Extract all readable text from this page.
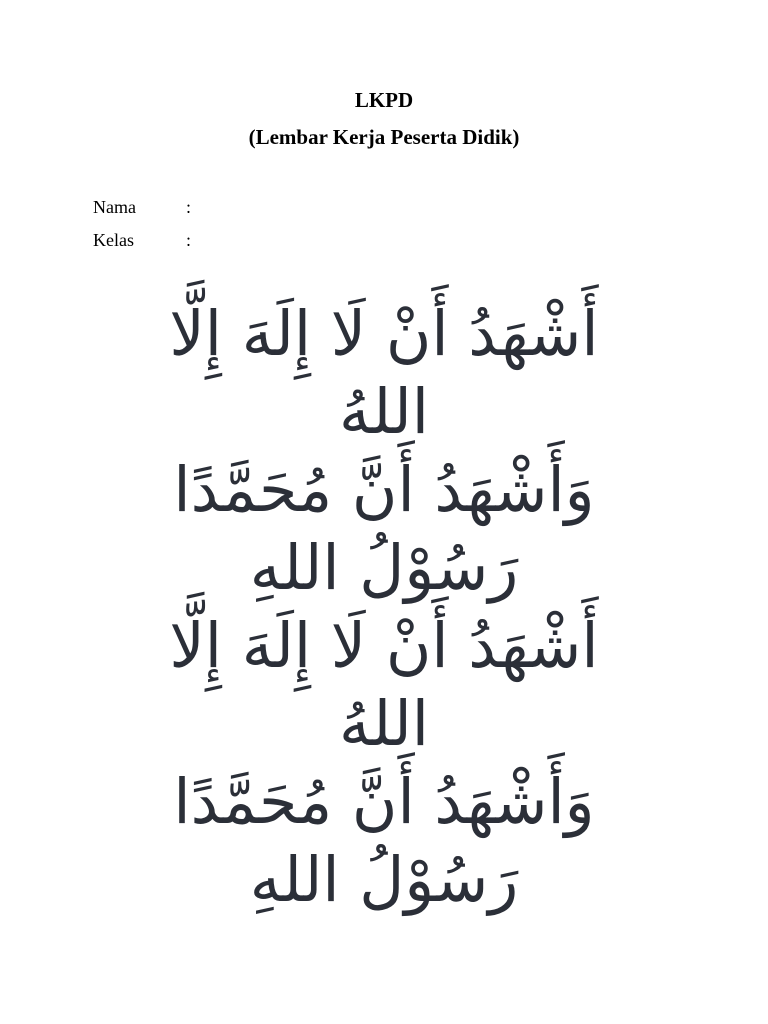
LKPD
(Lembar Kerja Peserta Didik)
Nama	:
Kelas	:
أَشْهَدُ أَنْ لَا إِلَهَ إِلَّا
اللهُ
وَأَشْهَدُ أَنَّ مُحَمَّدًا
رَسُوْلُ اللهِ
أَشْهَدُ أَنْ لَا إِلَهَ إِلَّا
اللهُ
وَأَشْهَدُ أَنَّ مُحَمَّدًا
رَسُوْلُ اللهِ
